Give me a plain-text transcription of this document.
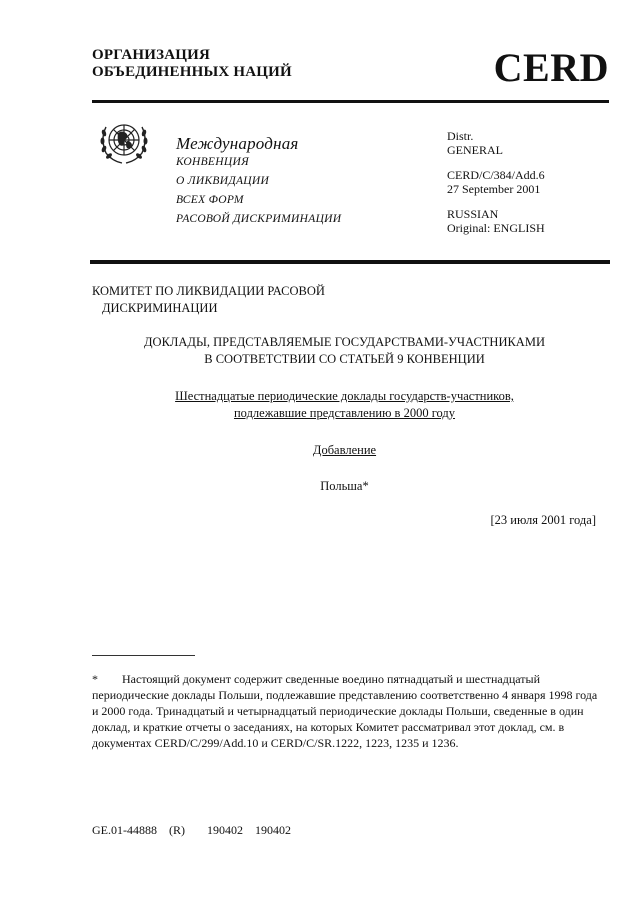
ОРГАНИЗАЦИЯ
ОБЪЕДИНЕННЫХ НАЦИЙ	CERD
Международная
КОНВЕНЦИЯ
О ЛИКВИДАЦИИ
ВСЕХ ФОРМ
РАСОВОЙ ДИСКРИМИНАЦИИ
Distr.
GENERAL
CERD/C/384/Add.6
27 September 2001
RUSSIAN
Original: ENGLISH
КОМИТЕТ ПО ЛИКВИДАЦИИ РАСОВОЙ
ДИСКРИМИНАЦИИ
ДОКЛАДЫ, ПРЕДСТАВЛЯЕМЫЕ ГОСУДАРСТВАМИ-УЧАСТНИКАМИ
В СООТВЕТСТВИИ СО СТАТЬЕЙ 9 КОНВЕНЦИИ
Шестнадцатые периодические доклады государств-участников,
подлежавшие представлению в 2000 году
Добавление
Польша*
[23 июля 2001 года]
* Настоящий документ содержит сведенные воедино пятнадцатый и шестнадцатый периодические доклады Польши, подлежавшие представлению соответственно 4 января 1998 года и 2000 года. Тринадцатый и четырнадцатый периодические доклады Польши, сведенные в один доклад, и краткие отчеты о заседаниях, на которых Комитет рассматривал этот доклад, см. в документах CERD/C/299/Add.10 и CERD/C/SR.1222, 1223, 1235 и 1236.
GE.01-44888 (R) 190402 190402
